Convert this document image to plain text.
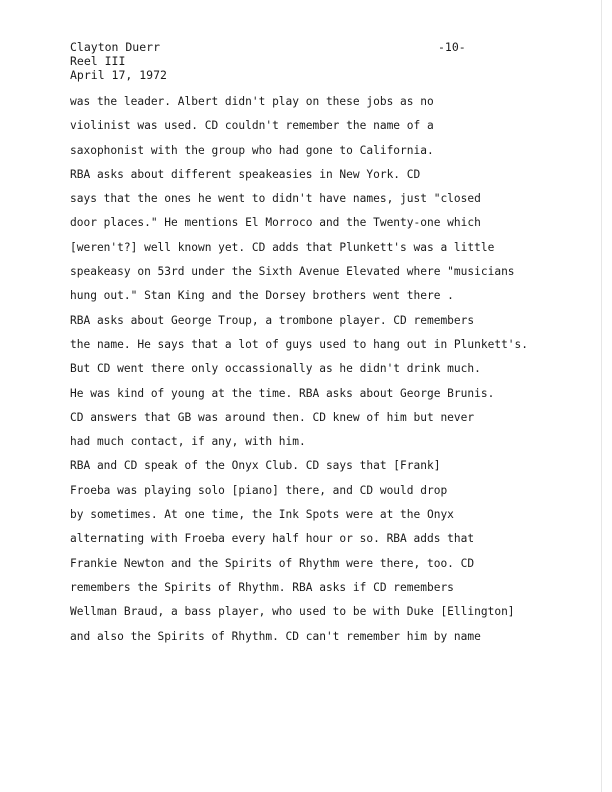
Clayton Duerr
Reel III
April 17, 1972
-10-
was the leader. Albert didn't play on these jobs as no
violinist was used. CD couldn't remember the name of a
saxophonist with the group who had gone to California.
RBA asks about different speakeasies in New York. CD
says that the ones he went to didn't have names, just "closed
door places." He mentions El Morroco and the Twenty-one which
[weren't?] well known yet. CD adds that Plunkett's was a little
speakeasy on 53rd under the Sixth Avenue Elevated where "musicians
hung out." Stan King and the Dorsey brothers went there .
RBA asks about George Troup, a trombone player. CD remembers
the name. He says that a lot of guys used to hang out in Plunkett's.
But CD went there only occassionally as he didn't drink much.
He was kind of young at the time. RBA asks about George Brunis.
CD answers that GB was around then. CD knew of him but never
had much contact, if any, with him.
RBA and CD speak of the Onyx Club. CD says that [Frank]
Froeba was playing solo [piano] there, and CD would drop
by sometimes. At one time, the Ink Spots were at the Onyx
alternating with Froeba every half hour or so. RBA adds that
Frankie Newton and the Spirits of Rhythm were there, too. CD
remembers the Spirits of Rhythm. RBA asks if CD remembers
Wellman Braud, a bass player, who used to be with Duke [Ellington]
and also the Spirits of Rhythm. CD can't remember him by name
